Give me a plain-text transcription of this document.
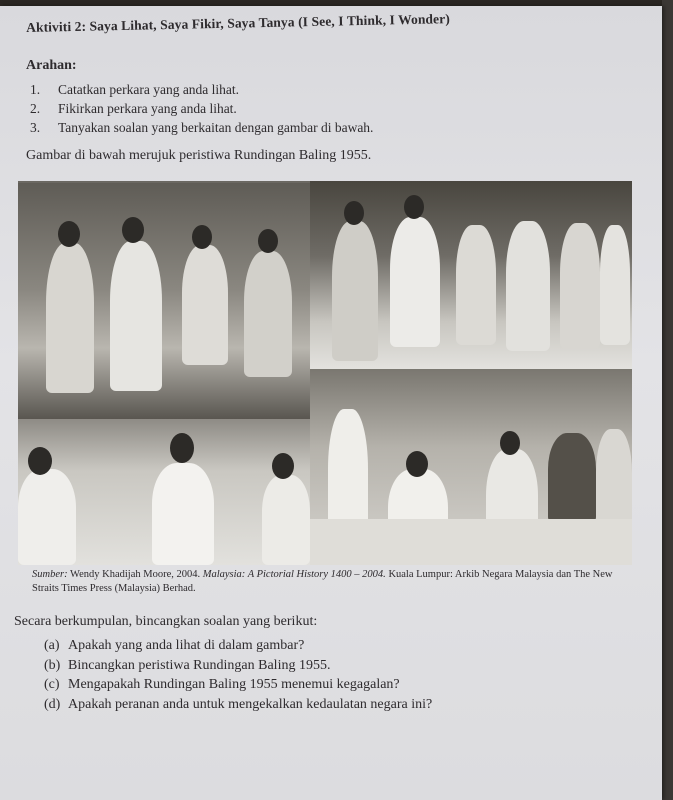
Aktiviti 2: Saya Lihat, Saya Fikir, Saya Tanya (I See, I Think, I Wonder)
Arahan:
1.	Catatkan perkara yang anda lihat.
2.	Fikirkan perkara yang anda lihat.
3.	Tanyakan soalan yang berkaitan dengan gambar di bawah.
Gambar di bawah merujuk peristiwa Rundingan Baling 1955.
Sumber: Wendy Khadijah Moore, 2004. Malaysia: A Pictorial History 1400 – 2004. Kuala Lumpur: Arkib Negara Malaysia dan The New Straits Times Press (Malaysia) Berhad.
Secara berkumpulan, bincangkan soalan yang berikut:
(a) Apakah yang anda lihat di dalam gambar?
(b) Bincangkan peristiwa Rundingan Baling 1955.
(c) Mengapakah Rundingan Baling 1955 menemui kegagalan?
(d) Apakah peranan anda untuk mengekalkan kedaulatan negara ini?
